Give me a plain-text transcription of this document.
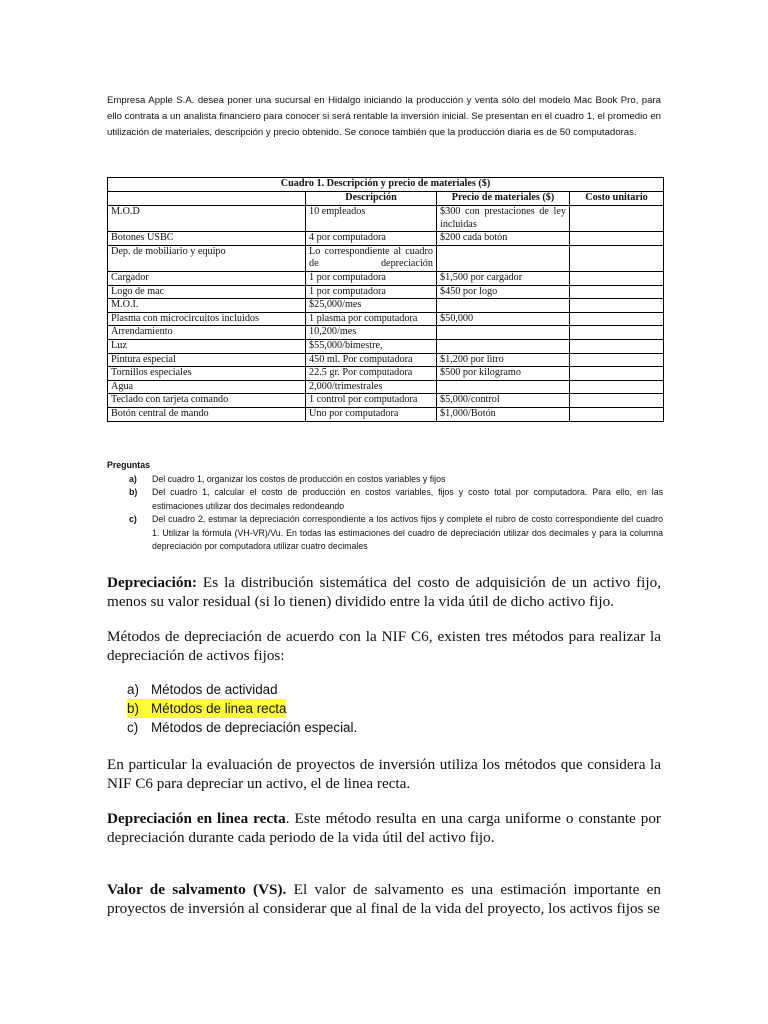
Empresa Apple S.A. desea poner una sucursal en Hidalgo iniciando la producción y venta sólo del modelo Mac Book Pro, para ello contrata a un analista financiero para conocer si será rentable la inversión inicial. Se presentan en el cuadro 1, el promedio en utilización de materiales, descripción y precio obtenido. Se conoce también que la producción diaria es de 50 computadoras.

Cuadro 1. Descripción y precio de materiales ($)			
	Descripción	Precio de materiales ($)	Costo unitario
M.O.D	10 empleados	$300 con prestaciones de ley incluidas	
Botones USBC	4 por computadora	$200 cada botón	
Dep. de mobiliario y equipo	Lo correspondiente al cuadro de depreciación		
Cargador	1 por computadora	$1,500 por cargador	
Logo de mac	1 por computadora	$450 por logo	
M.O.I.	$25,000/mes		
Plasma con microcircuitos incluidos	1 plasma por computadora	$50,000	
Arrendamiento	10,200/mes		
Luz	$55,000/bimestre,		
Pintura especial	450 ml. Por computadora	$1,200 por litro	
Tornillos especiales	22.5 gr. Por computadora	$500 por kilogramo	
Agua	2,000/trimestrales		
Teclado con tarjeta comando	1 control por computadora	$5,000/control	
Botón central de mando	Uno por computadora	$1,000/Botón	
Preguntas
a)	Del cuadro 1, organizar los costos de producción en costos variables y fijos
b)	Del cuadro 1, calcular el costo de producción en costos variables, fijos y costo total por computadora. Para ello, en las estimaciones utilizar dos decimales redondeando
c)	Del cuadro 2, estimar la depreciación correspondiente a los activos fijos y complete el rubro de costo correspondiente del cuadro 1. Utilizar la fórmula (VH-VR)/Vu. En todas las estimaciones del cuadro de depreciación utilizar dos decimales y para la columna depreciación por computadora utilizar cuatro decimales

Depreciación: Es la distribución sistemática del costo de adquisición de un activo fijo, menos su valor residual (si lo tienen) dividido entre la vida útil de dicho activo fijo.

Métodos de depreciación de acuerdo con la NIF C6, existen tres métodos para realizar la depreciación de activos fijos:

a) Métodos de actividad
b) Métodos de linea recta
c) Métodos de depreciación especial.

En particular la evaluación de proyectos de inversión utiliza los métodos que considera la NIF C6 para depreciar un activo, el de linea recta.

Depreciación en linea recta. Este método resulta en una carga uniforme o constante por depreciación durante cada periodo de la vida útil del activo fijo.

Valor de salvamento (VS). El valor de salvamento es una estimación importante en proyectos de inversión al considerar que al final de la vida del proyecto, los activos fijos se
